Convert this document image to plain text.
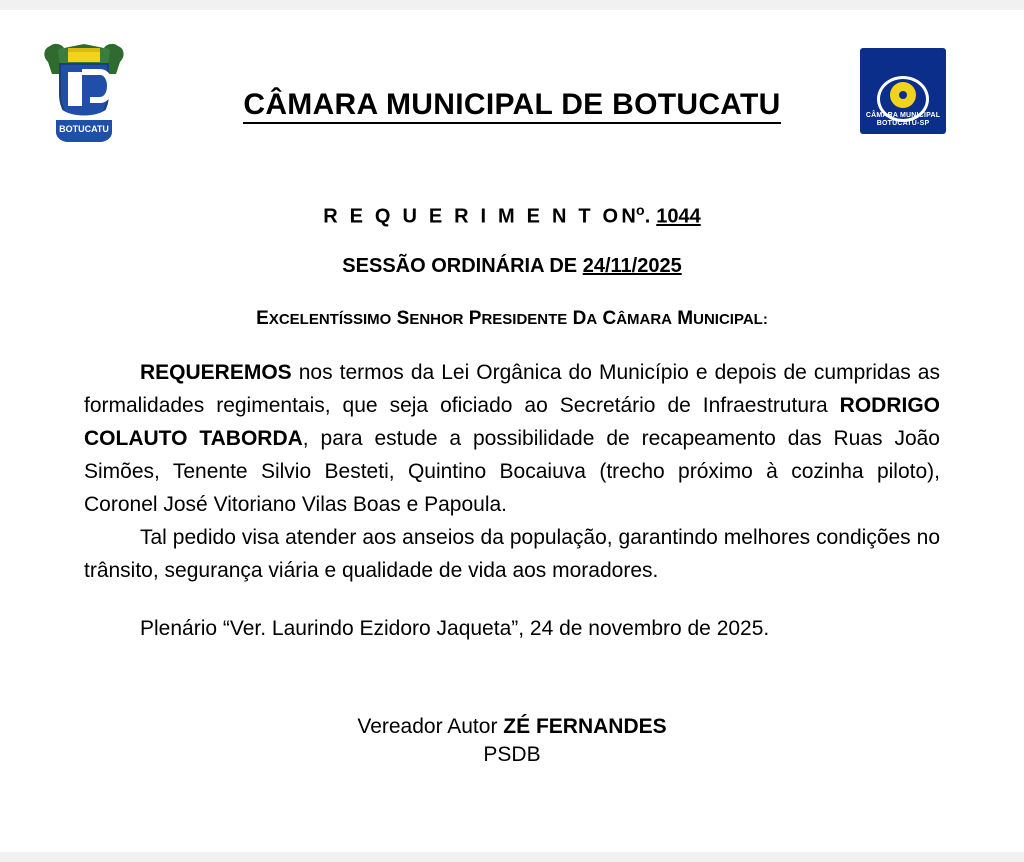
BOTUCATU
CÂMARA MUNICIPAL
BOTUCATU-SP
CÂMARA MUNICIPAL DE BOTUCATU
R E Q U E R I M E N T $ON^o$. 1044
SESSÃO ORDINÁRIA DE 24/11/2025
EXCELENTÍSSIMO SENHOR PRESIDENTE DA CÂMARA MUNICIPAL:
REQUEREMOS nos termos da Lei Orgânica do Município e depois de cumpridas as formalidades regimentais, que seja oficiado ao Secretário de Infraestrutura RODRIGO COLAUTO TABORDA, para estude a possibilidade de recapeamento das Ruas João Simões, Tenente Silvio Besteti, Quintino Bocaiuva (trecho próximo à cozinha piloto), Coronel José Vitoriano Vilas Boas e Papoula.
Tal pedido visa atender aos anseios da população, garantindo melhores condições no trânsito, segurança viária e qualidade de vida aos moradores.
Plenário “Ver. Laurindo Ezidoro Jaqueta”, 24 de novembro de 2025.
Vereador Autor ZÉ FERNANDES
PSDB
